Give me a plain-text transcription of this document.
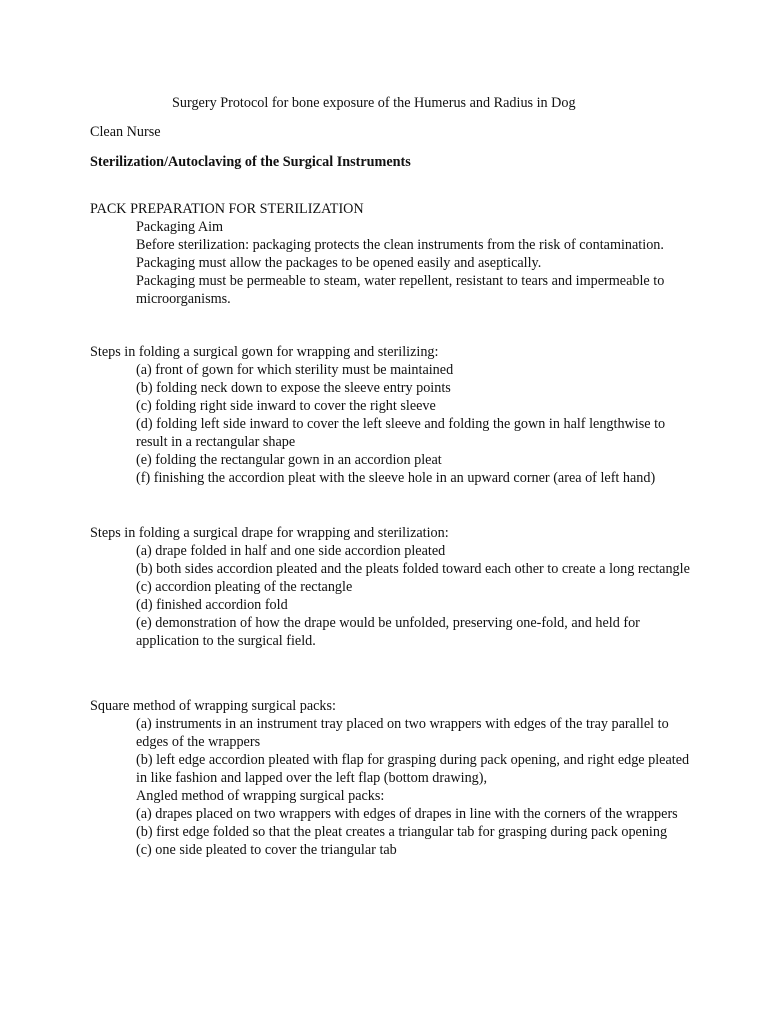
Surgery Protocol for bone exposure of the Humerus and Radius in Dog
Clean Nurse
Sterilization/Autoclaving of the Surgical Instruments
PACK PREPARATION FOR STERILIZATION
Packaging Aim
Before sterilization: packaging protects the clean instruments from the risk of contamination.
Packaging must allow the packages to be opened easily and aseptically.
Packaging must be permeable to steam, water repellent, resistant to tears and impermeable to microorganisms.
Steps in folding a surgical gown for wrapping and sterilizing:
(a) front of gown for which sterility must be maintained
(b) folding neck down to expose the sleeve entry points
(c) folding right side inward to cover the right sleeve
(d) folding left side inward to cover the left sleeve and folding the gown in half lengthwise to result in a rectangular shape
(e) folding the rectangular gown in an accordion pleat
(f) finishing the accordion pleat with the sleeve hole in an upward corner (area of left hand)
Steps in folding a surgical drape for wrapping and sterilization:
(a) drape folded in half and one side accordion pleated
(b) both sides accordion pleated and the pleats folded toward each other to create a long rectangle
(c) accordion pleating of the rectangle
(d) finished accordion fold
(e) demonstration of how the drape would be unfolded, preserving one-fold, and held for application to the surgical field.
Square method of wrapping surgical packs:
(a) instruments in an instrument tray placed on two wrappers with edges of the tray parallel to edges of the wrappers
(b) left edge accordion pleated with flap for grasping during pack opening, and right edge pleated in like fashion and lapped over the left flap (bottom drawing),
Angled method of wrapping surgical packs:
(a) drapes placed on two wrappers with edges of drapes in line with the corners of the wrappers
(b) first edge folded so that the pleat creates a triangular tab for grasping during pack opening
(c) one side pleated to cover the triangular tab
